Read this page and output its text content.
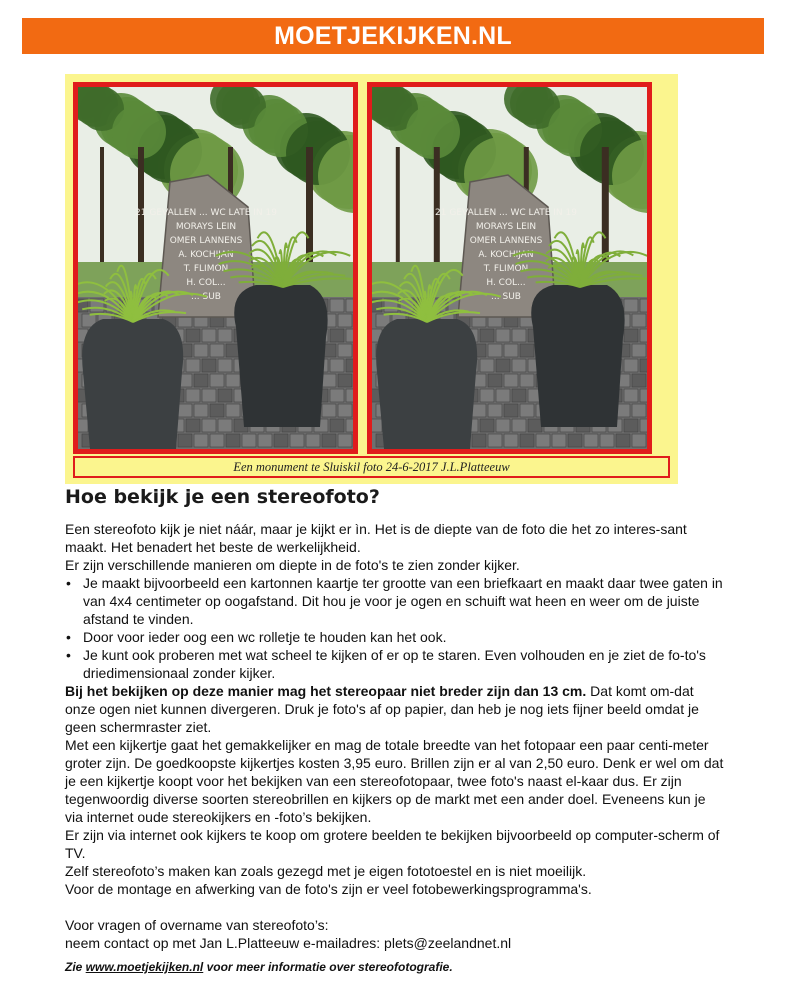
MOETJEKIJKEN.NL
21 GEVALLEN ... WC LATE IN 19
MORAYS LEIN
OMER LANNENS
A. KOCHIJAN
T. FLIMON
H. COL...
... SUB
21 GEVALLEN ... WC LATE IN 19
MORAYS LEIN
OMER LANNENS
A. KOCHIJAN
T. FLIMON
H. COL...
... SUB
Een monument te Sluiskil foto 24-6-2017 J.L.Platteeuw
Hoe bekijk je een stereofoto?

Een stereofoto kijk je niet náár, maar je kijkt er ìn. Het is de diepte van de foto die het zo interes-sant maakt. Het benadert het beste de werkelijkheid.

Er zijn verschillende manieren om diepte in de foto's te zien zonder kijker.

• Je maakt bijvoorbeeld een kartonnen kaartje ter grootte van een briefkaart en maakt daar twee gaten in van 4x4 centimeter op oogafstand. Dit hou je voor je ogen en schuift wat heen en weer om de juiste afstand te vinden.
• Door voor ieder oog een wc rolletje te houden kan het ook.
• Je kunt ook proberen met wat scheel te kijken of er op te staren. Even volhouden en je ziet de fo-to's driedimensionaal zonder kijker.

Bij het bekijken op deze manier mag het stereopaar niet breder zijn dan 13 cm. Dat komt om-dat onze ogen niet kunnen divergeren. Druk je foto's af op papier, dan heb je nog iets fijner beeld omdat je geen schermraster ziet.

Met een kijkertje gaat het gemakkelijker en mag de totale breedte van het fotopaar een paar centi-meter groter zijn. De goedkoopste kijkertjes kosten 3,95 euro. Brillen zijn er al van 2,50 euro. Denk er wel om dat je een kijkertje koopt voor het bekijken van een stereofotopaar, twee foto's naast el-kaar dus. Er zijn tegenwoordig diverse soorten stereobrillen en kijkers op de markt met een ander doel. Eveneens kun je via internet oude stereokijkers en -foto’s bekijken.

Er zijn via internet ook kijkers te koop om grotere beelden te bekijken bijvoorbeeld op computer-scherm of TV.

Zelf stereofoto’s maken kan zoals gezegd met je eigen fototoestel en is niet moeilijk.

Voor de montage en afwerking van de foto's zijn er veel fotobewerkingsprogramma's.

Voor vragen of overname van stereofoto’s:

neem contact op met Jan L.Platteeuw e-mailadres: plets@zeelandnet.nl

Zie www.moetjekijken.nl voor meer informatie over stereofotografie.
